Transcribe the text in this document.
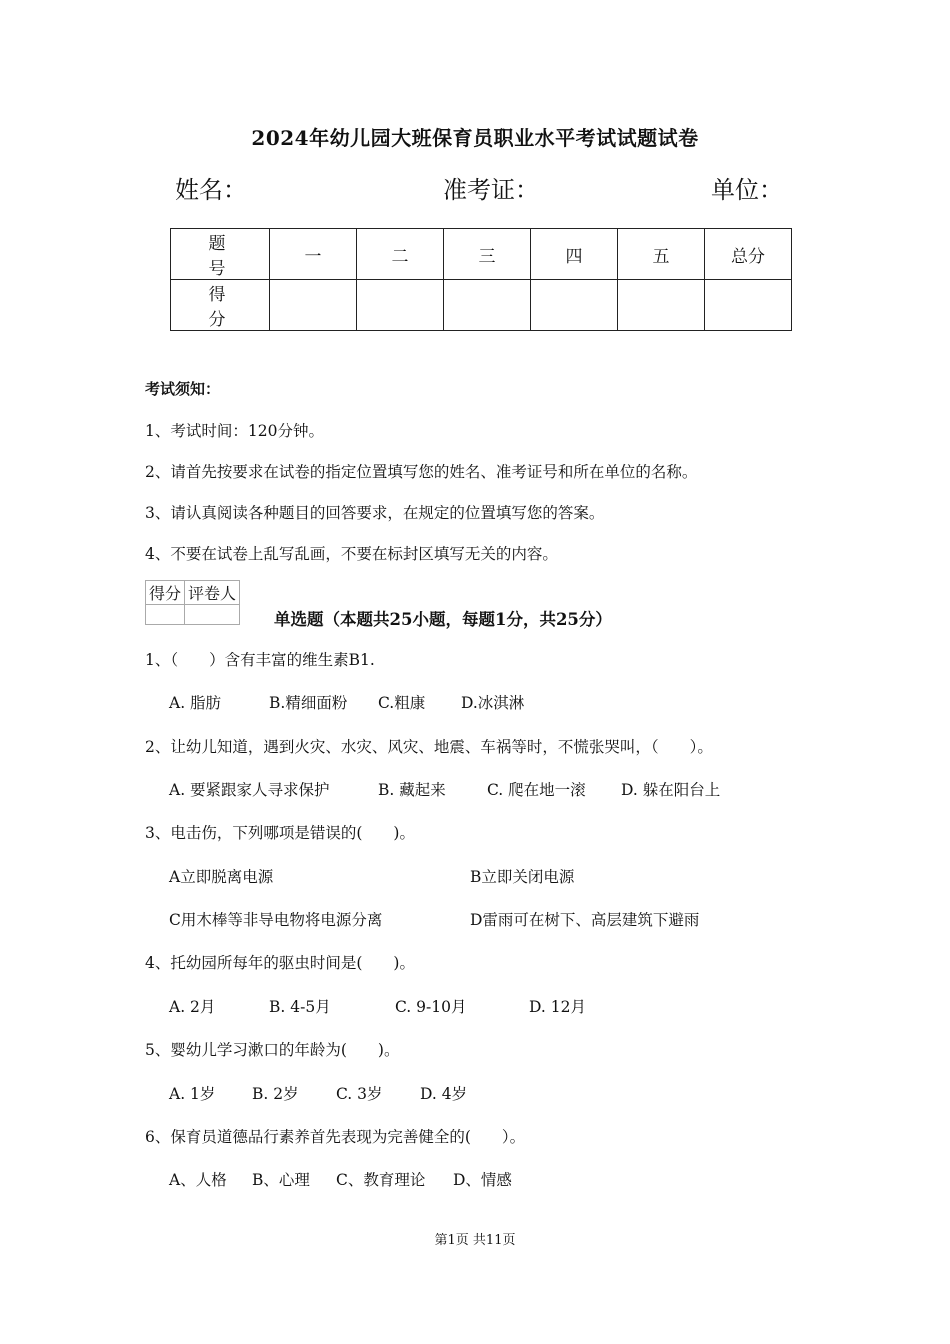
2024年幼儿园大班保育员职业水平考试试题试卷
姓名：	准考证：	单位：
题　号	一	二	三	四	五	总分
得　分						
考试须知：
1、考试时间：120分钟。
2、请首先按要求在试卷的指定位置填写您的姓名、准考证号和所在单位的名称。
3、请认真阅读各种题目的回答要求，在规定的位置填写您的答案。
4、不要在试卷上乱写乱画，不要在标封区填写无关的内容。
得分	评卷人

单选题（本题共25小题，每题1分，共25分）
1、（　　）含有丰富的维生素B1.
A. 脂肪	B.精细面粉 C.粗康 D.冰淇淋
2、让幼儿知道，遇到火灾、水灾、风灾、地震、车祸等时，不慌张哭叫，（　　）。
A. 要紧跟家人寻求保护	B. 藏起来	C. 爬在地一滚 D. 躲在阳台上
3、电击伤，下列哪项是错误的(　　)。
A立即脱离电源	B立即关闭电源
C用木棒等非导电物将电源分离	D雷雨可在树下、高层建筑下避雨
4、托幼园所每年的驱虫时间是(　　)。
A. 2月	B. 4-5月	C. 9-10月	D. 12月
5、婴幼儿学习漱口的年龄为(　　)。
A. 1岁 B. 2岁 C. 3岁 D. 4岁
6、保育员道德品行素养首先表现为完善健全的(　　）。
A、人格 B、心理 C、教育理论 D、情感
第1页 共11页
